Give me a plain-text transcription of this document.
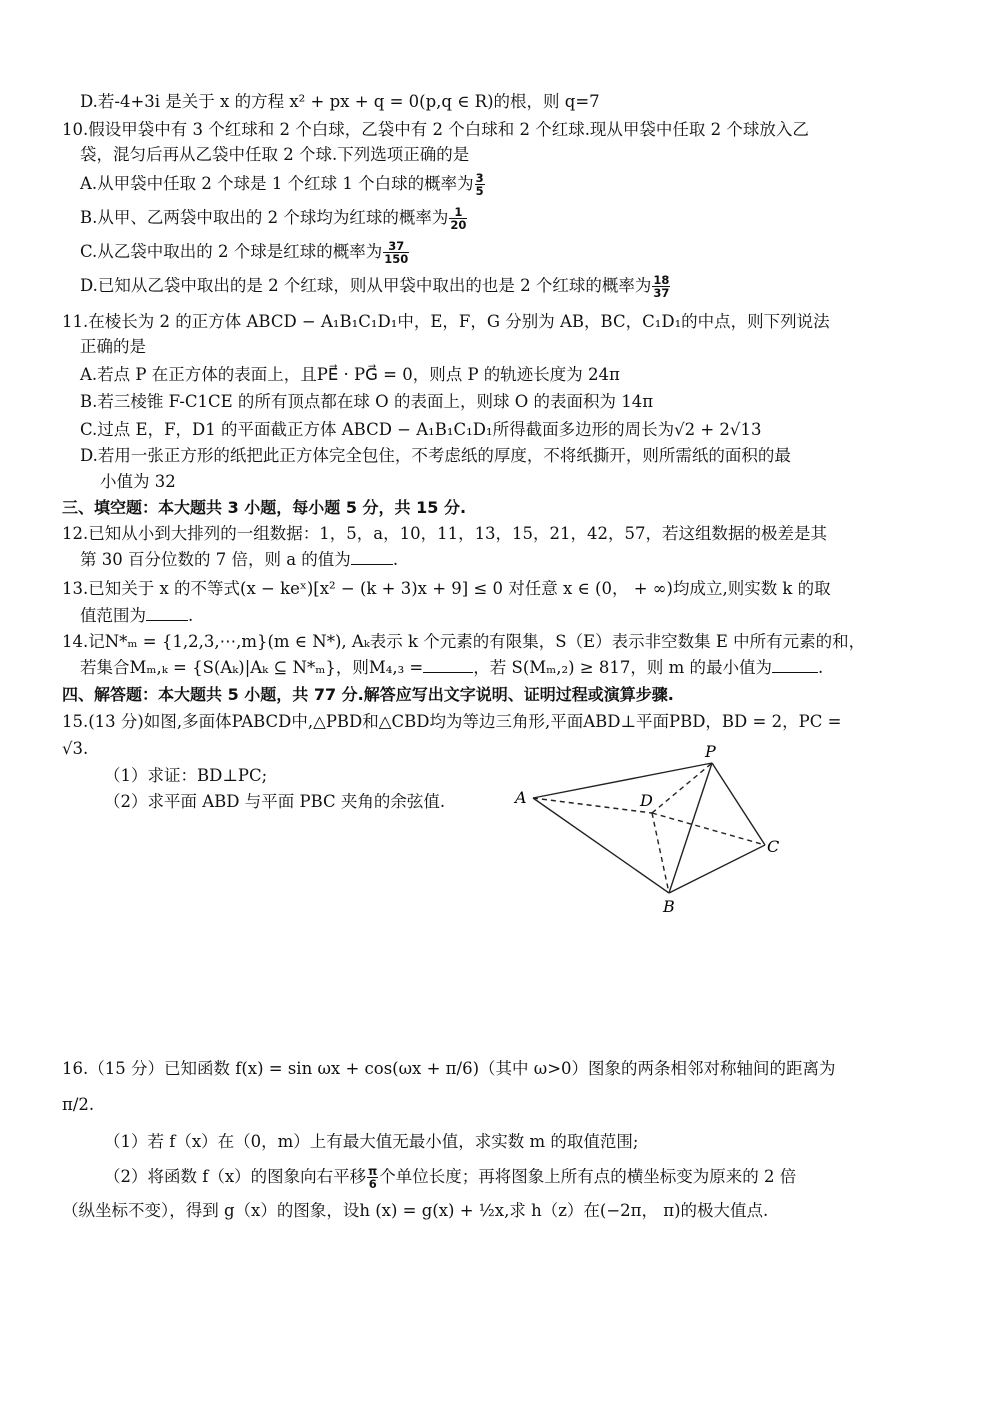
D.若-4+3i 是关于 x 的方程 x² + px + q = 0(p,q ∈ R)的根，则 q=7
10.假设甲袋中有 3 个红球和 2 个白球，乙袋中有 2 个白球和 2 个红球.现从甲袋中任取 2 个球放入乙
袋，混匀后再从乙袋中任取 2 个球.下列选项正确的是
A.从甲袋中任取 2 个球是 1 个红球 1 个白球的概率为 $\frac{3}{5}$
B.从甲、乙两袋中取出的 2 个球均为红球的概率为 $\frac{1}{20}$
C.从乙袋中取出的 2 个球是红球的概率为 $\frac{37}{150}$
D.已知从乙袋中取出的是 2 个红球，则从甲袋中取出的也是 2 个红球的概率为 $\frac{18}{37}$
11.在棱长为 2 的正方体 ABCD − A₁B₁C₁D₁中，E，F，G 分别为 AB，BC，C₁D₁的中点，则下列说法
正确的是
A.若点 P 在正方体的表面上，且PE⃗ · PG⃗ = 0，则点 P 的轨迹长度为 24π
B.若三棱锥 F-C1CE 的所有顶点都在球 O 的表面上，则球 O 的表面积为 14π
C.过点 E，F，D1 的平面截正方体 ABCD − A₁B₁C₁D₁所得截面多边形的周长为√2 + 2√13
D.若用一张正方形的纸把此正方体完全包住，不考虑纸的厚度，不将纸撕开，则所需纸的面积的最
小值为 32
三、填空题：本大题共 3 小题，每小题 5 分，共 15 分.
12.已知从小到大排列的一组数据：1，5，a，10，11，13，15，21，42，57，若这组数据的极差是其
第 30 百分位数的 7 倍，则 a 的值为	.
13.已知关于 x 的不等式(x − keˣ)[x² − (k + 3)x + 9] ≤ 0 对任意 x ∈ (0， + ∞)均成立,则实数 k 的取
值范围为	.
14.记N*ₘ = {1,2,3,⋯,m}(m ∈ N*), Aₖ表示 k 个元素的有限集，S（E）表示非空数集 E 中所有元素的和，
若集合Mₘ,ₖ = {S(Aₖ)|Aₖ ⊆ N*ₘ}，则M₄,₃ =	，若 S(Mₘ,₂) ≥ 817，则 m 的最小值为	.
四、解答题：本大题共 5 小题，共 77 分.解答应写出文字说明、证明过程或演算步骤.
15.(13 分)如图,多面体PABCD中,△PBD和△CBD均为等边三角形,平面ABD⊥平面PBD，BD = 2，PC =
√3.
（1）求证：BD⊥PC;
（2）求平面 ABD 与平面 PBC 夹角的余弦值.
P
A	D
C
B
16.（15 分）已知函数 f(x) = sin ωx + cos(ωx + π/6)（其中 ω>0）图象的两条相邻对称轴间的距离为
π/2.
（1）若 f（x）在（0，m）上有最大值无最小值，求实数 m 的取值范围;
（2）将函数 f（x）的图象向右平移 $\frac{\pi}{6}$ 个单位长度；再将图象上所有点的横坐标变为原来的 2 倍
（纵坐标不变），得到 g（x）的图象，设h (x) = g(x) + ½x,求 h（z）在(−2π， π)的极大值点.
